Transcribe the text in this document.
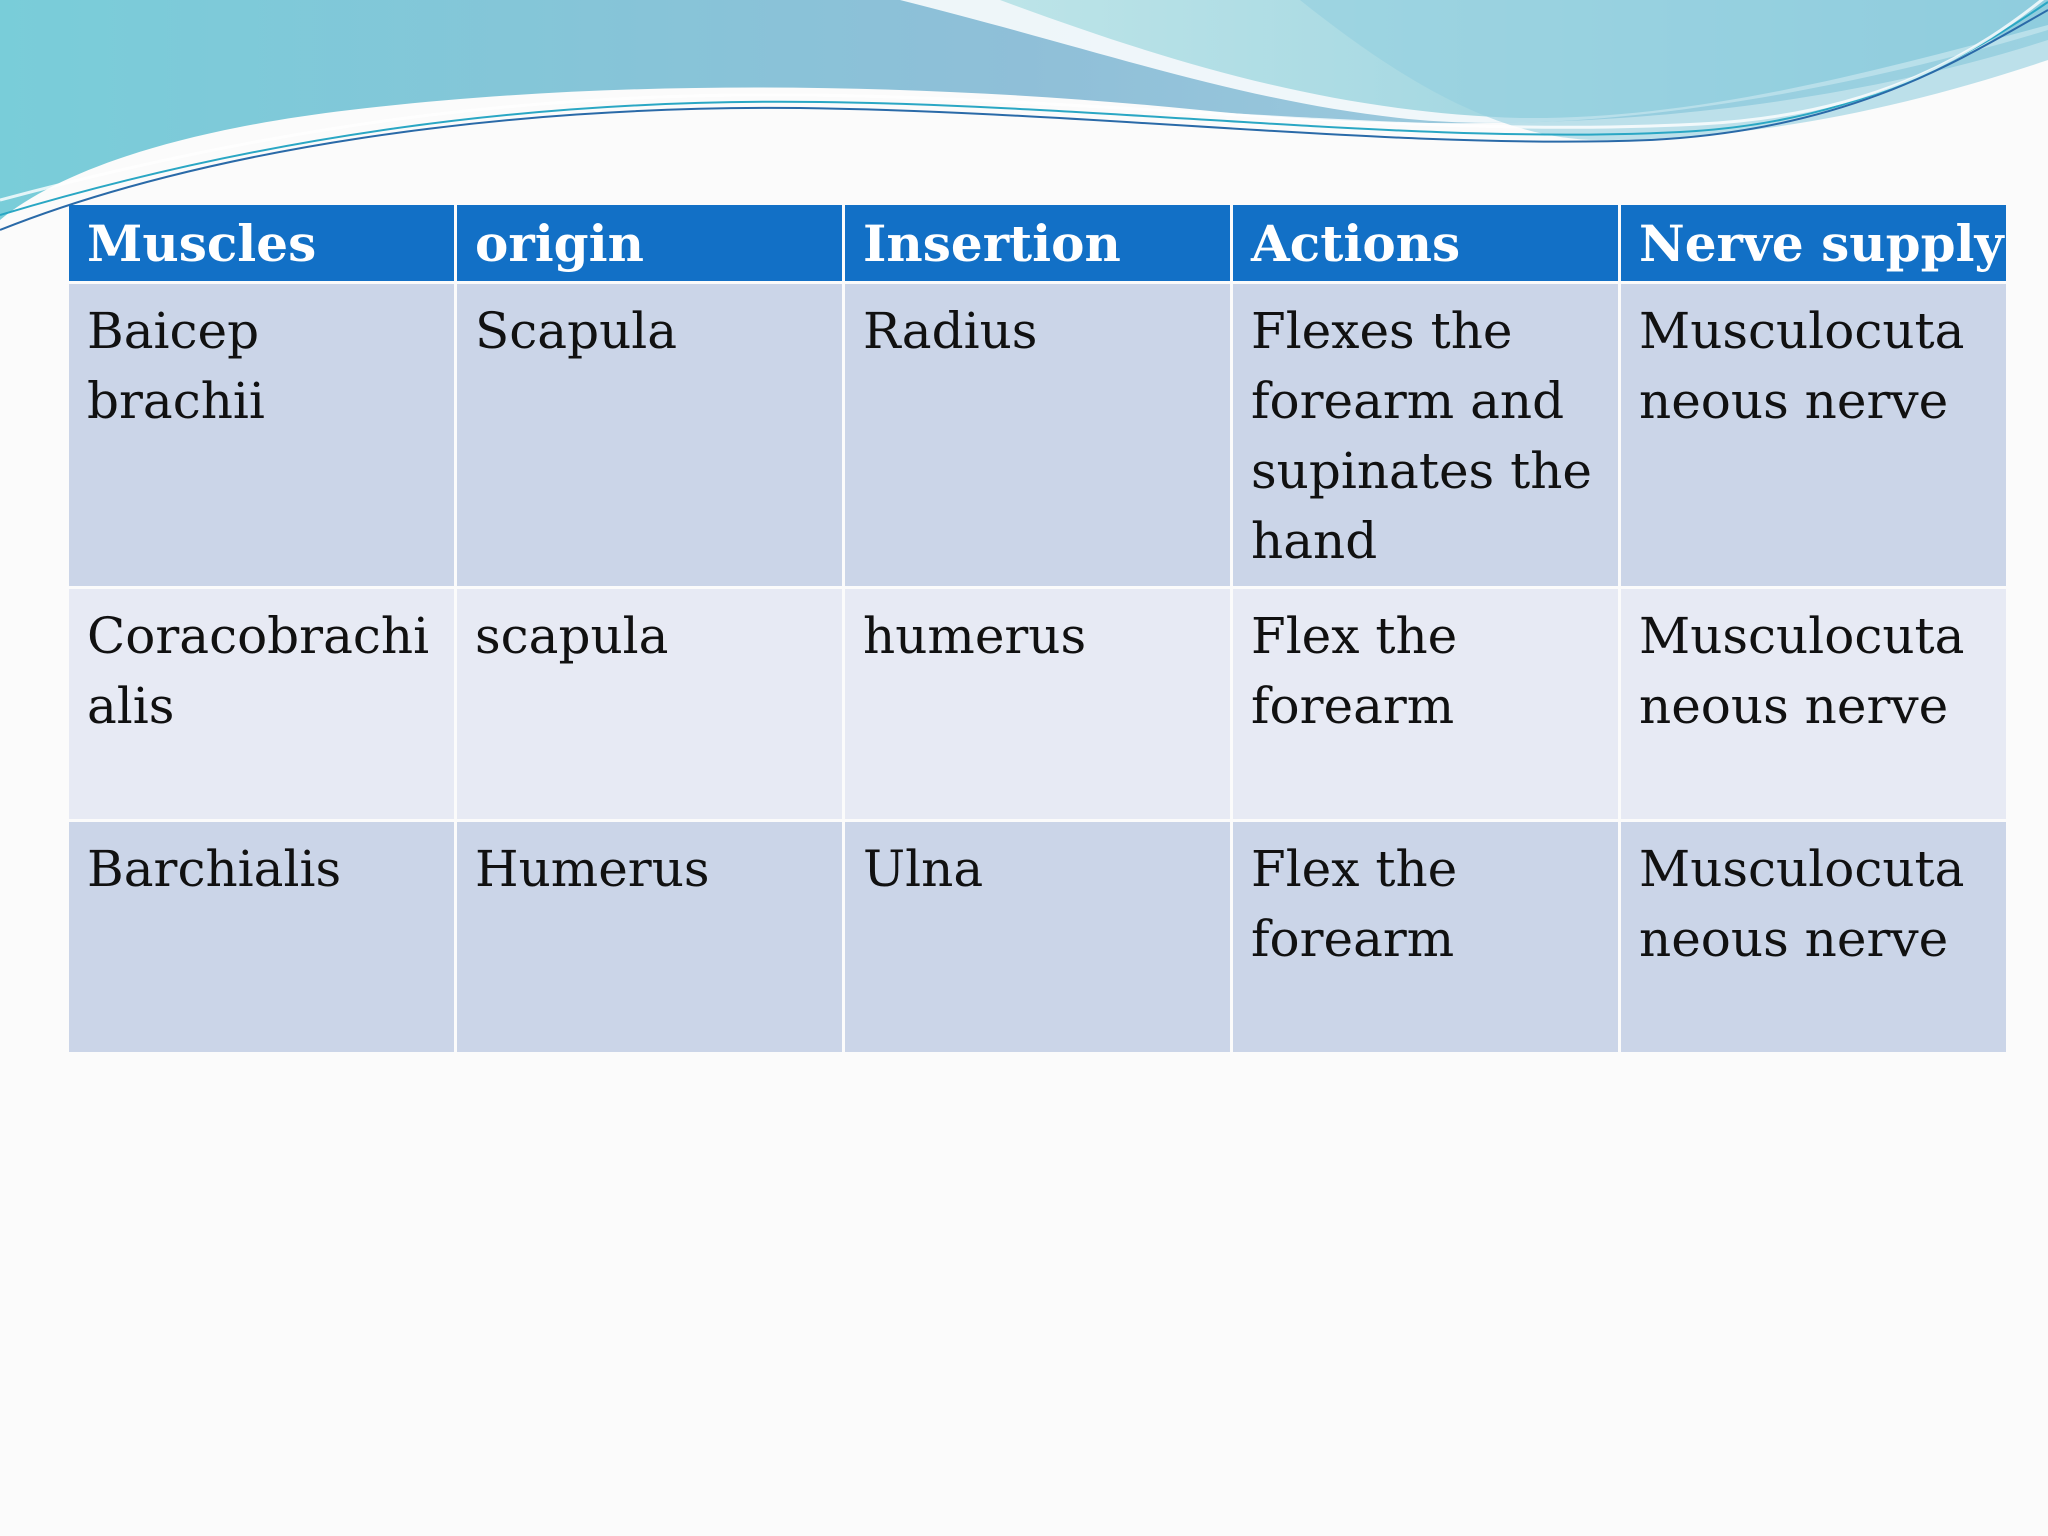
Muscles	origin	Insertion	Actions	Nerve supply
Baicep brachii	Scapula	Radius	Flexes the forearm and supinates the hand	Musculocutaneous nerve
Coracobrachialis	scapula	humerus	Flex the forearm	Musculocutaneous nerve
Barchialis	Humerus	Ulna	Flex the forearm	Musculocutaneous nerve
